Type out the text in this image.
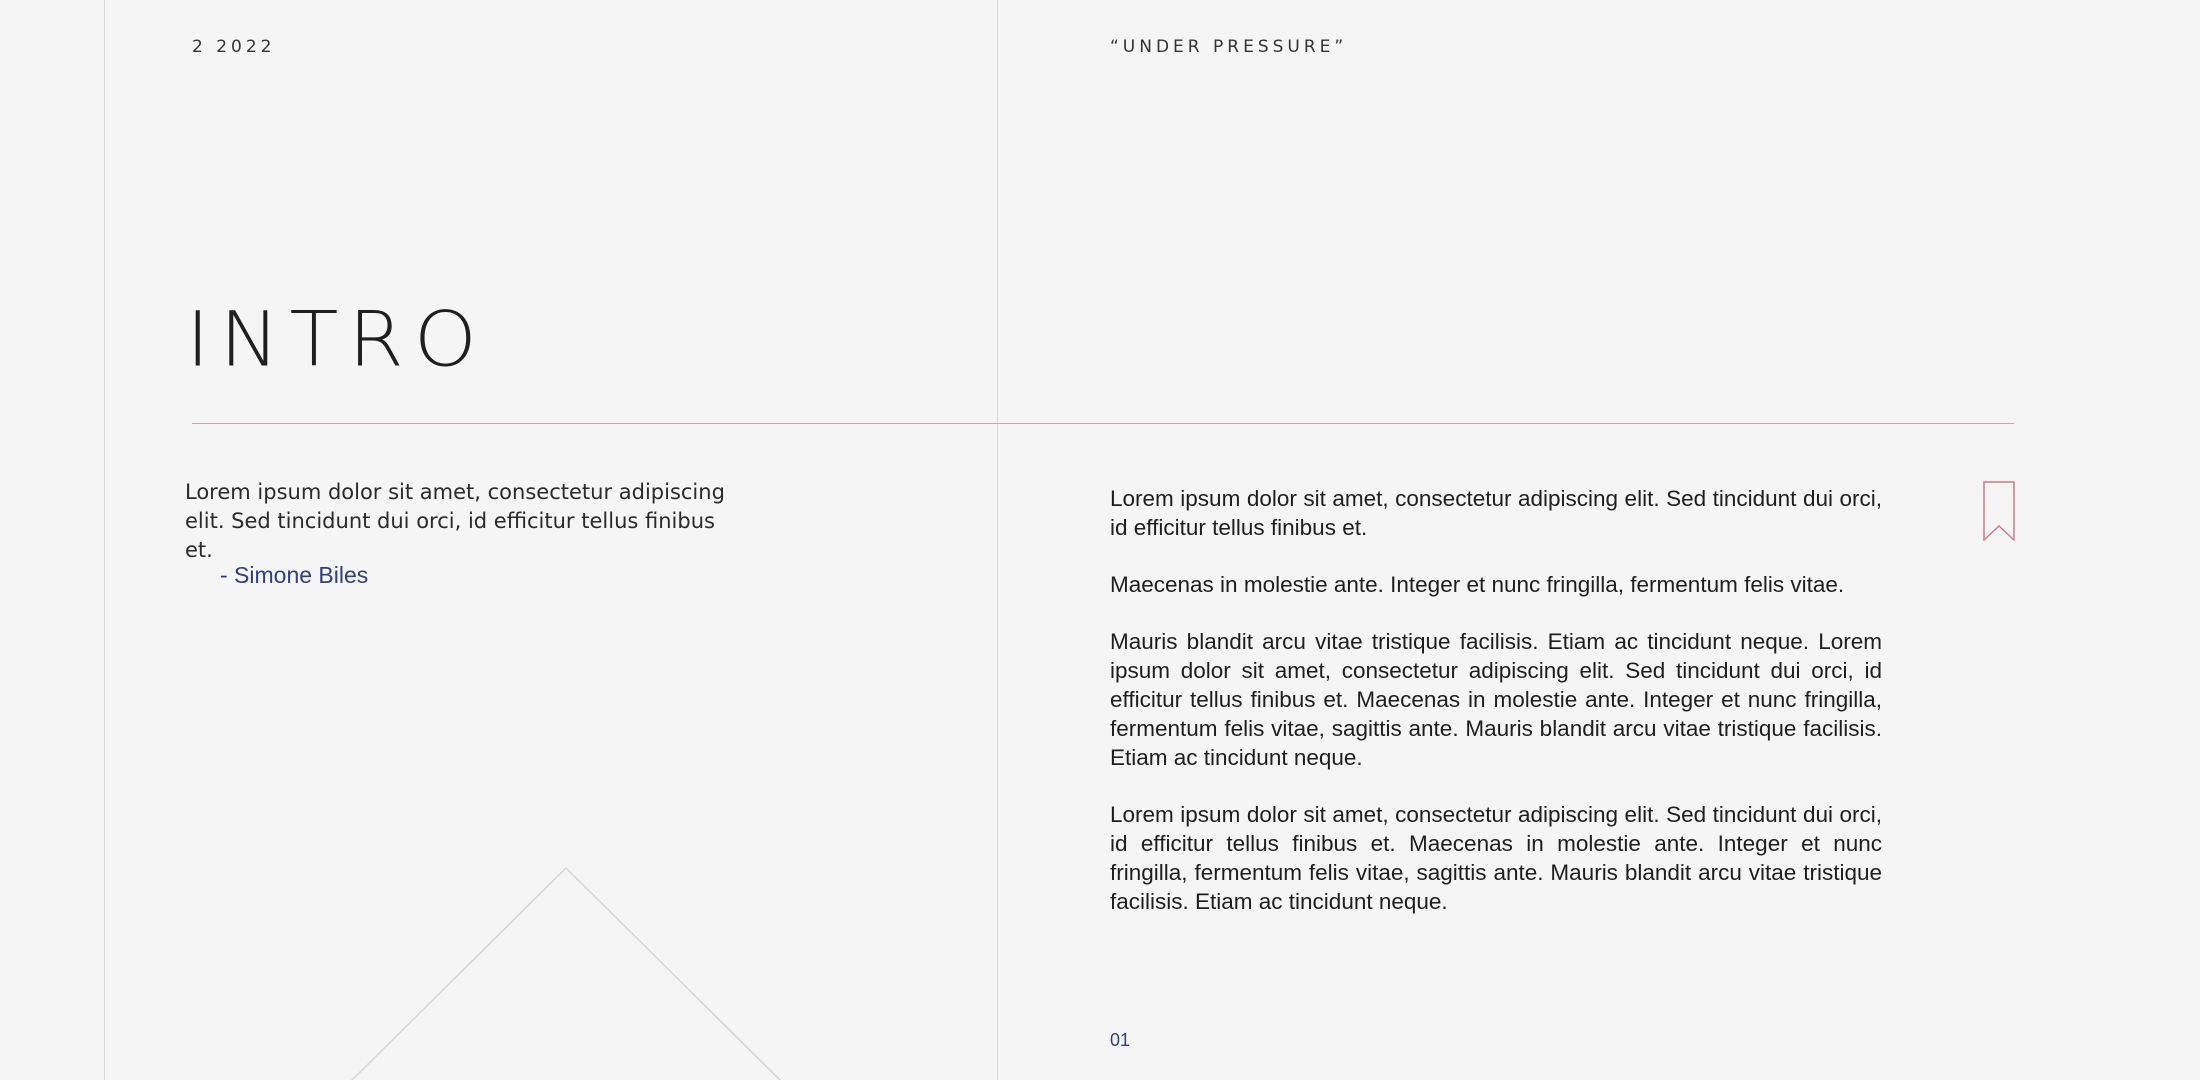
2 2022	“UNDER PRESSURE”
INTRO

Lorem ipsum dolor sit amet, consectetur adipiscing elit. Sed tincidunt dui orci, id efficitur tellus finibus et.

- Simone Biles

Lorem ipsum dolor sit amet, consectetur adipiscing elit. Sed tincidunt dui orci, id efficitur tellus finibus et.

Maecenas in molestie ante. Integer et nunc fringilla, fermentum felis vitae.

Mauris blandit arcu vitae tristique facilisis. Etiam ac tincidunt neque. Lorem ipsum dolor sit amet, consectetur adipiscing elit. Sed tincidunt dui orci, id efficitur tellus finibus et. Maecenas in molestie ante. Integer et nunc fringilla, fermentum felis vitae, sagittis ante. Mauris blandit arcu vitae tristique facilisis. Etiam ac tincidunt neque.

Lorem ipsum dolor sit amet, consectetur adipiscing elit. Sed tincidunt dui orci, id efficitur tellus finibus et. Maecenas in molestie ante. Integer et nunc fringilla, fermentum felis vitae, sagittis ante. Mauris blandit arcu vitae tristique facilisis. Etiam ac tincidunt neque.

01
